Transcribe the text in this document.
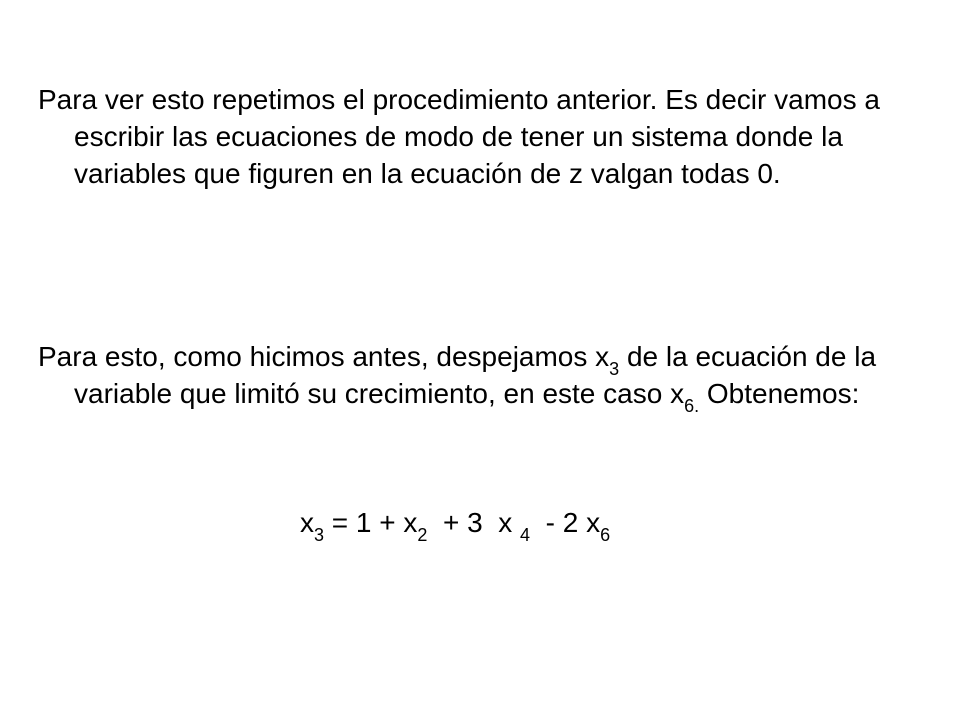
Para ver esto repetimos el procedimiento anterior. Es decir vamos a escribir las ecuaciones de modo de tener un sistema donde la variables que figuren en la ecuación de z valgan todas 0.

Para esto, como hicimos antes, despejamos $x_3$ de la ecuación de la variable que limitó su crecimiento, en este caso $x_{6.}$ Obtenemos:

$x_3 = 1 + x_2 + 3$  x $_4$  - 2 $x_6$
